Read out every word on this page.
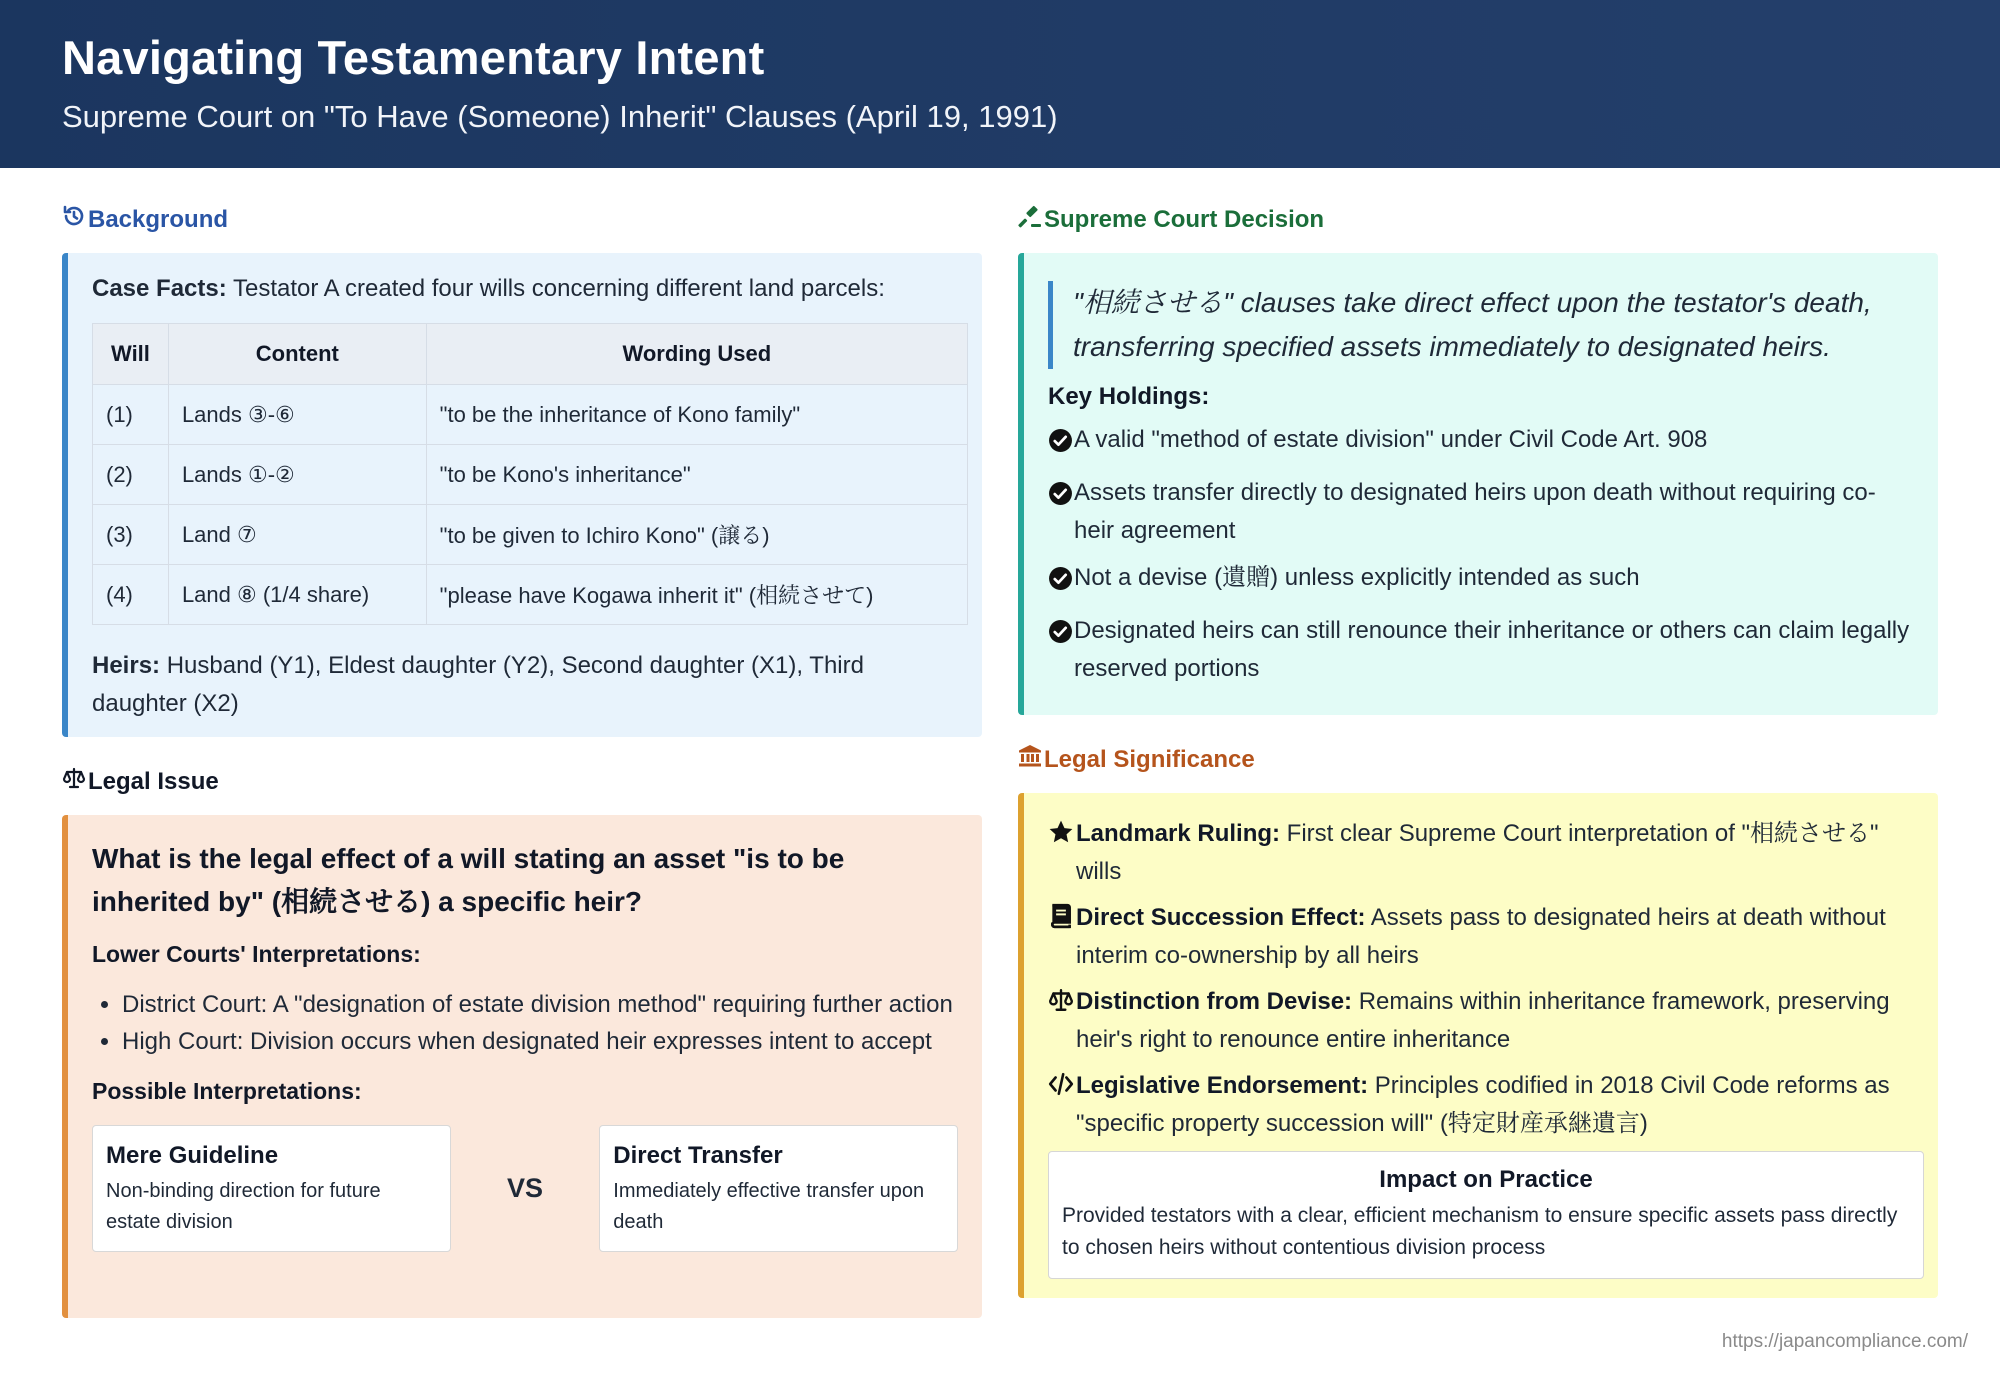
Navigating Testamentary Intent
Supreme Court on "To Have (Someone) Inherit" Clauses (April 19, 1991)
Background
Case Facts: Testator A created four wills concerning different land parcels:
Will	Content	Wording Used
(1)	Lands ③-⑥	"to be the inheritance of Kono family"
(2)	Lands ①-②	"to be Kono's inheritance"
(3)	Land ⑦	"to be given to Ichiro Kono" (譲る)
(4)	Land ⑧ (1/4 share)	"please have Kogawa inherit it" (相続させて)
Heirs: Husband (Y1), Eldest daughter (Y2), Second daughter (X1), Third daughter (X2)
Legal Issue
What is the legal effect of a will stating an asset "is to be inherited by" (相続させる) a specific heir?
Lower Courts' Interpretations:
• District Court: A "designation of estate division method" requiring further action
• High Court: Division occurs when designated heir expresses intent to accept
Possible Interpretations:
Mere Guideline
Non-binding direction for future estate division
VS
Direct Transfer
Immediately effective transfer upon death
Supreme Court Decision
"相続させる" clauses take direct effect upon the testator's death, transferring specified assets immediately to designated heirs.
Key Holdings:
A valid "method of estate division" under Civil Code Art. 908
Assets transfer directly to designated heirs upon death without requiring co-heir agreement
Not a devise (遺贈) unless explicitly intended as such
Designated heirs can still renounce their inheritance or others can claim legally reserved portions
Legal Significance
Landmark Ruling: First clear Supreme Court interpretation of "相続させる" wills
Direct Succession Effect: Assets pass to designated heirs at death without interim co-ownership by all heirs
Distinction from Devise: Remains within inheritance framework, preserving heir's right to renounce entire inheritance
Legislative Endorsement: Principles codified in 2018 Civil Code reforms as "specific property succession will" (特定財産承継遺言)
Impact on Practice
Provided testators with a clear, efficient mechanism to ensure specific assets pass directly to chosen heirs without contentious division process
https://japancompliance.com/
